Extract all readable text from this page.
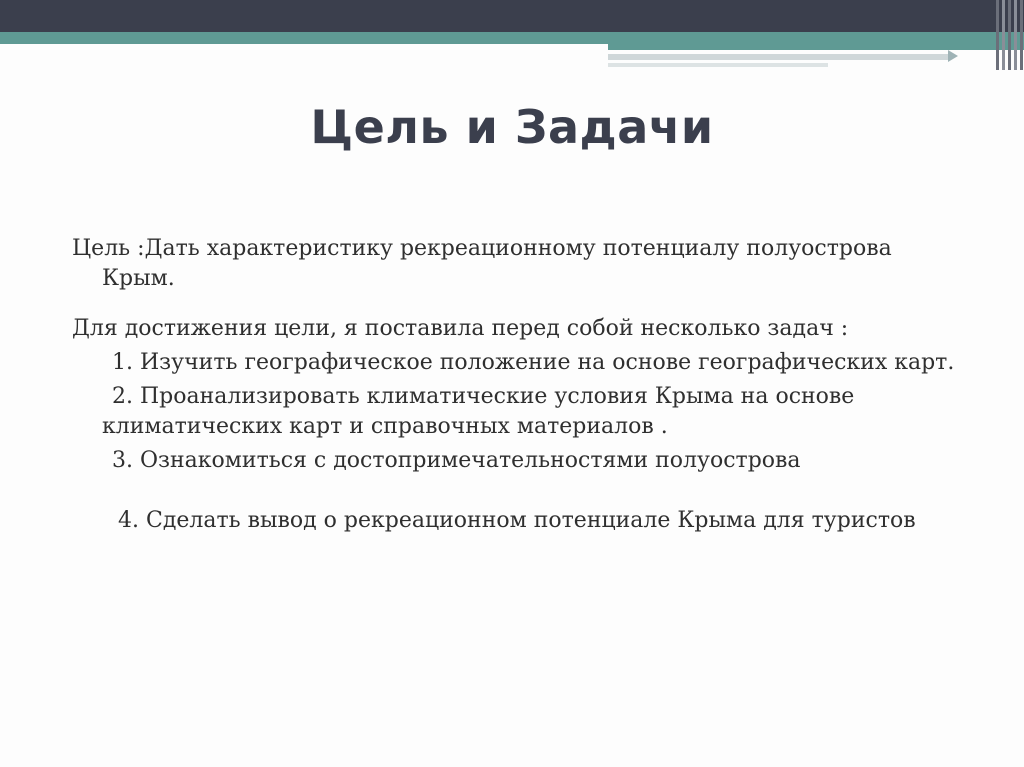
Цель и Задачи

Цель :Дать характеристику рекреационному потенциалу полуострова

Крым.

Для достижения цели, я поставила перед собой несколько задач :

1. Изучить географическое положение на основе географических карт.

2. Проанализировать климатические условия Крыма на основе

климатических карт и справочных материалов .

3. Ознакомиться с достопримечательностями полуострова

4. Сделать вывод о рекреационном потенциале Крыма для туристов
